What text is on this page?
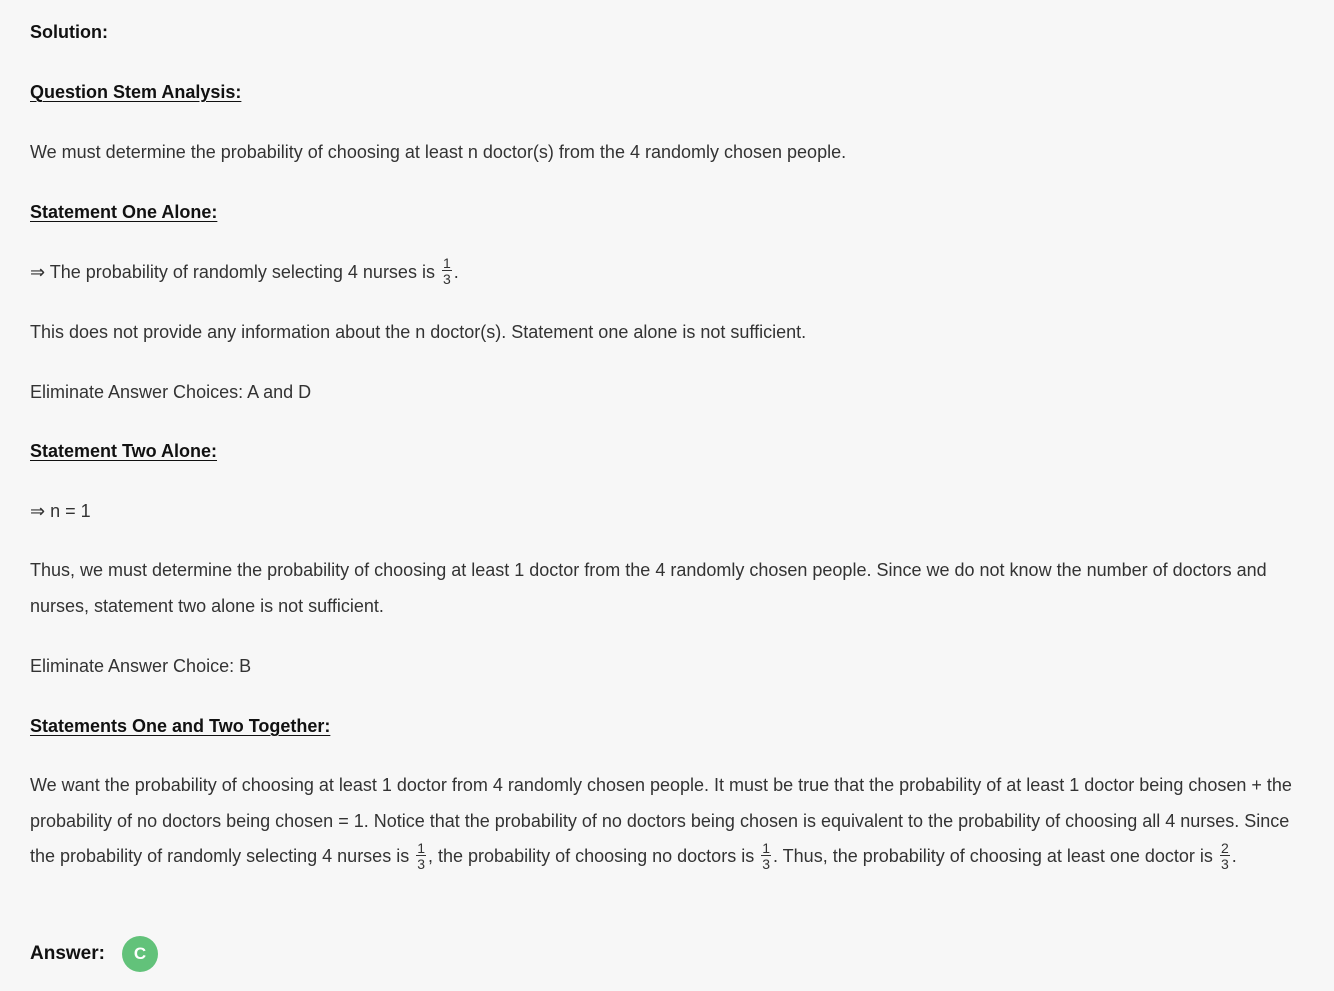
Solution:

Question Stem Analysis:

We must determine the probability of choosing at least n doctor(s) from the 4 randomly chosen people.

Statement One Alone:

⇒ The probability of randomly selecting 4 nurses is $\frac{1}{3}$ .

This does not provide any information about the n doctor(s). Statement one alone is not sufficient.

Eliminate Answer Choices: A and D

Statement Two Alone:

⇒ n = 1

Thus, we must determine the probability of choosing at least 1 doctor from the 4 randomly chosen people. Since we do not know the number of doctors and nurses, statement two alone is not sufficient.

Eliminate Answer Choice: B

Statements One and Two Together:

We want the probability of choosing at least 1 doctor from 4 randomly chosen people. It must be true that the probability of at least 1 doctor being chosen + the probability of no doctors being chosen = 1. Notice that the probability of no doctors being chosen is equivalent to the probability of choosing all 4 nurses. Since the probability of randomly selecting 4 nurses is $\frac{1}{3}$ , the probability of choosing no doctors is $\frac{1}{3}$ . Thus, the probability of choosing at least one doctor is $\frac{2}{3}$ .

Answer:	C
